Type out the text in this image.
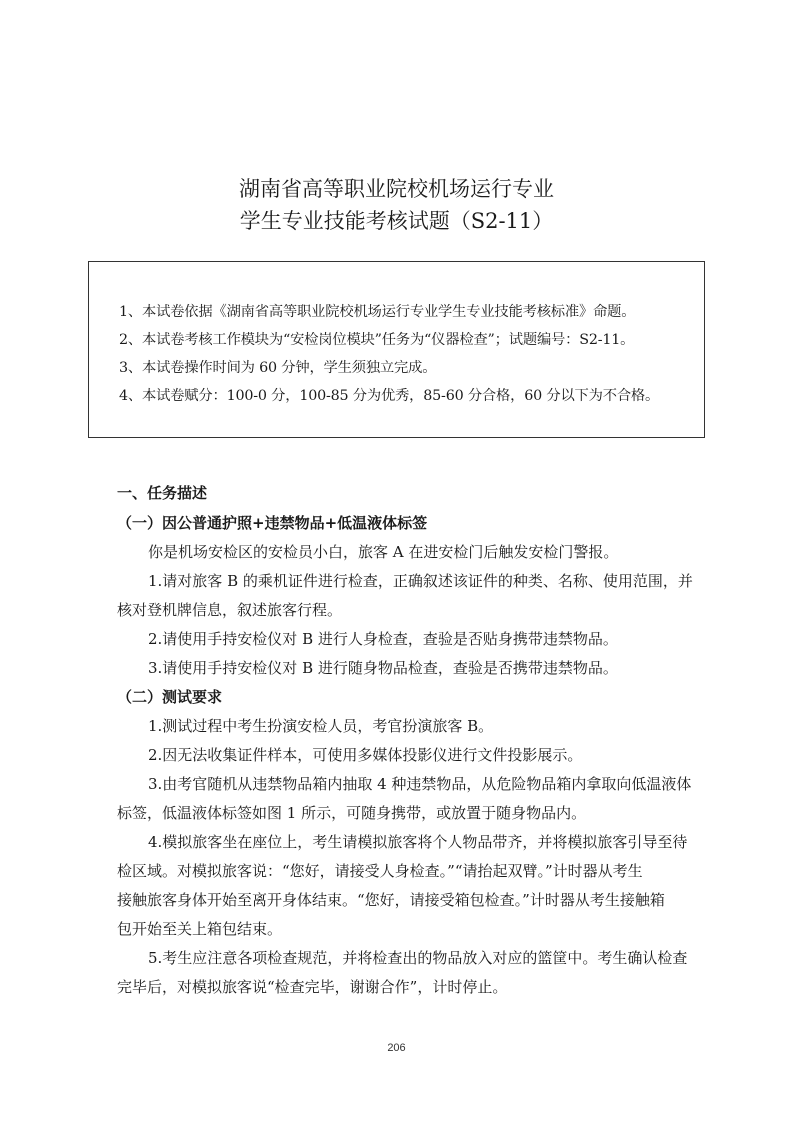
湖南省高等职业院校机场运行专业
学生专业技能考核试题（S2-11）
1、本试卷依据《湖南省高等职业院校机场运行专业学生专业技能考核标准》命题。
2、本试卷考核工作模块为“安检岗位模块”任务为“仪器检查”；试题编号：S2-11。
3、本试卷操作时间为 60 分钟，学生须独立完成。
4、本试卷赋分：100-0 分，100-85 分为优秀，85-60 分合格，60 分以下为不合格。
一、任务描述
（一）因公普通护照+违禁物品+低温液体标签
你是机场安检区的安检员小白，旅客 A 在进安检门后触发安检门警报。
1.请对旅客 B 的乘机证件进行检查，正确叙述该证件的种类、名称、使用范围，并
核对登机牌信息，叙述旅客行程。
2.请使用手持安检仪对 B 进行人身检查，查验是否贴身携带违禁物品。
3.请使用手持安检仪对 B 进行随身物品检查，查验是否携带违禁物品。
（二）测试要求
1.测试过程中考生扮演安检人员，考官扮演旅客 B。
2.因无法收集证件样本，可使用多媒体投影仪进行文件投影展示。
3.由考官随机从违禁物品箱内抽取 4 种违禁物品，从危险物品箱内拿取向低温液体
标签，低温液体标签如图 1 所示，可随身携带，或放置于随身物品内。
4.模拟旅客坐在座位上，考生请模拟旅客将个人物品带齐，并将模拟旅客引导至待
检区域。对模拟旅客说：“您好，请接受人身检查。”“请抬起双臂。”计时器从考生
接触旅客身体开始至离开身体结束。“您好，请接受箱包检查。”计时器从考生接触箱
包开始至关上箱包结束。
5.考生应注意各项检查规范，并将检查出的物品放入对应的篮筐中。考生确认检查
完毕后，对模拟旅客说“检查完毕，谢谢合作”，计时停止。
206
